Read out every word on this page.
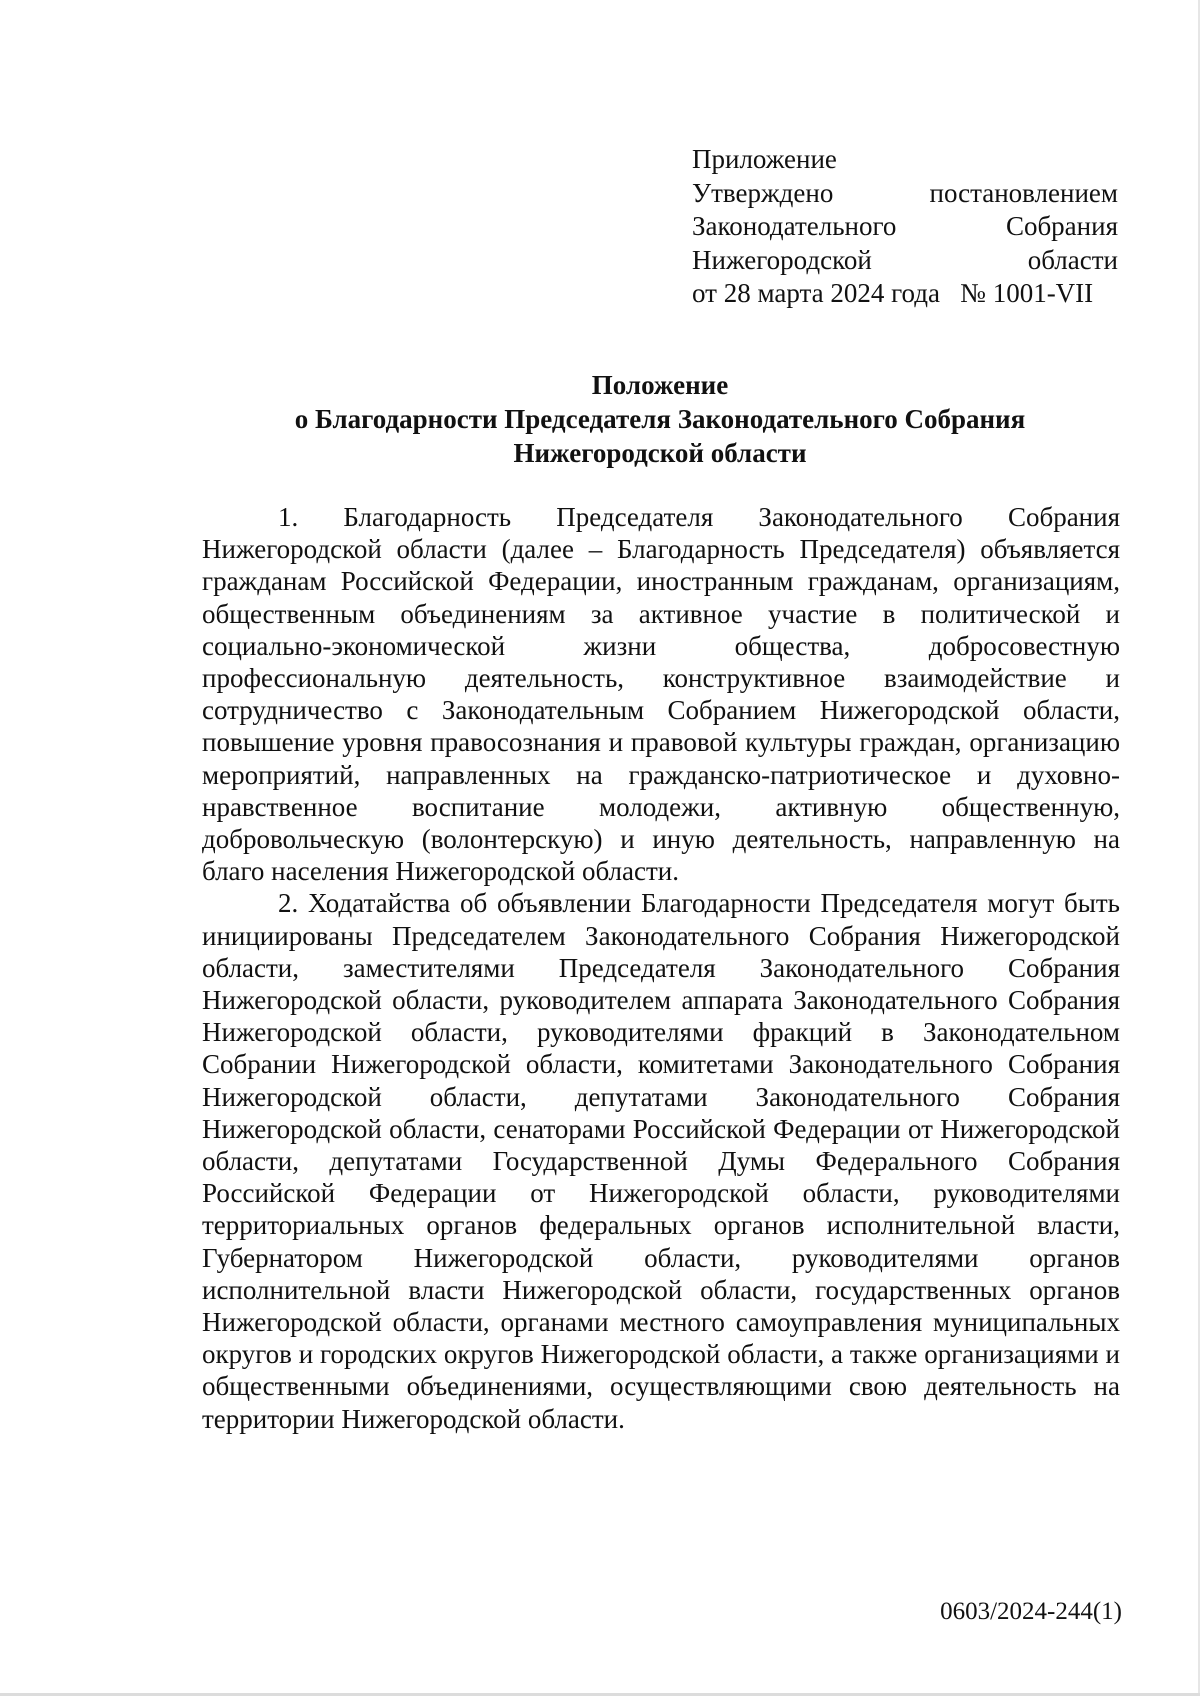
Приложение
Утверждено	постановлением
Законодательного	Собрания
Нижегородской	области
от 28 марта 2024 года   № 1001-VII
Положение
о Благодарности Председателя Законодательного Собрания
Нижегородской области

1. Благодарность Председателя Законодательного Собрания Нижегородской области (далее – Благодарность Председателя) объявляется гражданам Российской Федерации, иностранным гражданам, организациям, общественным объединениям за активное участие в политической и социально-экономической жизни общества, добросовестную профессиональную деятельность, конструктивное взаимодействие и сотрудничество с Законодательным Собранием Нижегородской области, повышение уровня правосознания и правовой культуры граждан, организацию мероприятий, направленных на гражданско-патриотическое и духовно-нравственное воспитание молодежи, активную общественную, добровольческую (волонтерскую) и иную деятельность, направленную на благо населения Нижегородской области.

2. Ходатайства об объявлении Благодарности Председателя могут быть инициированы Председателем Законодательного Собрания Нижегородской области, заместителями Председателя Законодательного Собрания Нижегородской области, руководителем аппарата Законодательного Собрания Нижегородской области, руководителями фракций в Законодательном Собрании Нижегородской области, комитетами Законодательного Собрания Нижегородской области, депутатами Законодательного Собрания Нижегородской области, сенаторами Российской Федерации от Нижегородской области, депутатами Государственной Думы Федерального Собрания Российской Федерации от Нижегородской области, руководителями территориальных органов федеральных органов исполнительной власти, Губернатором Нижегородской области, руководителями органов исполнительной власти Нижегородской области, государственных органов Нижегородской области, органами местного самоуправления муниципальных округов и городских округов Нижегородской области, а также организациями и общественными объединениями, осуществляющими свою деятельность на территории Нижегородской области.

0603/2024-244(1)
